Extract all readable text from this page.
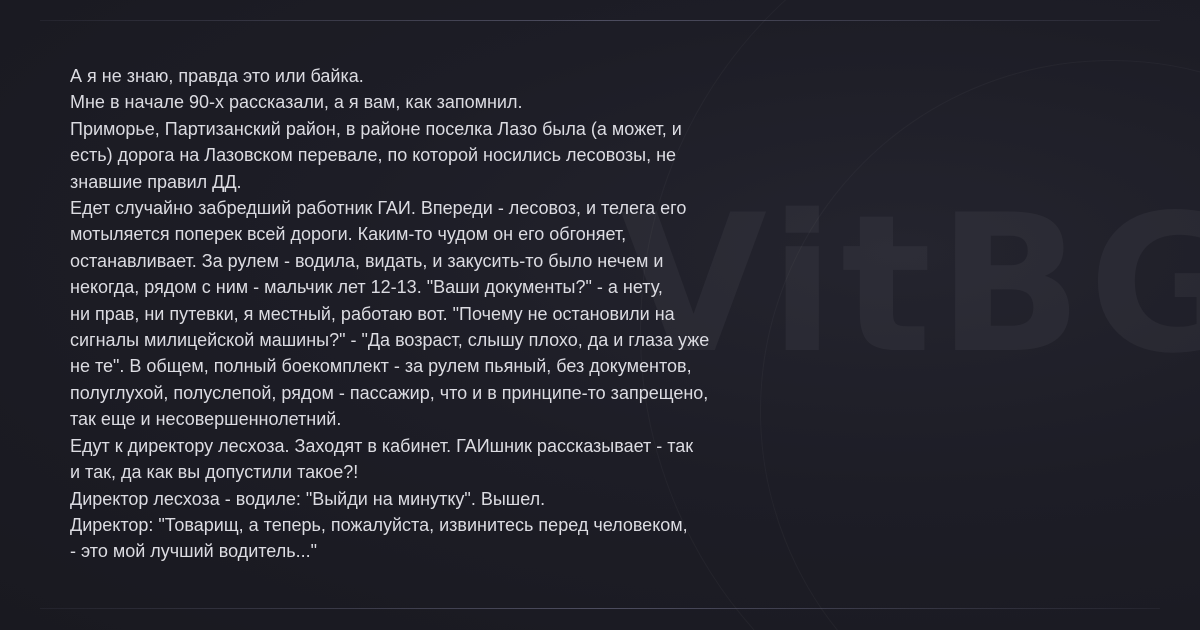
А я не знаю, правда это или байка.
Мне в начале 90-х рассказали, а я вам, как запомнил.
Приморье, Партизанский район, в районе поселка Лазо была (а может, и
есть) дорога на Лазовском перевале, по которой носились лесовозы, не
знавшие правил ДД.
Едет случайно забредший работник ГАИ. Впереди - лесовоз, и телега его
мотыляется поперек всей дороги. Каким-то чудом он его обгоняет,
останавливает. За рулем - водила, видать, и закусить-то было нечем и
некогда, рядом с ним - мальчик лет 12-13. "Ваши документы?" - а нету,
ни прав, ни путевки, я местный, работаю вот. "Почему не остановили на
сигналы милицейской машины?" - "Да возраст, слышу плохо, да и глаза уже
не те". В общем, полный боекомплект - за рулем пьяный, без документов,
полуглухой, полуслепой, рядом - пассажир, что и в принципе-то запрещено,
так еще и несовершеннолетний.
Едут к директору лесхоза. Заходят в кабинет. ГАИшник рассказывает - так
и так, да как вы допустили такое?!
Директор лесхоза - водиле: "Выйди на минутку". Вышел.
Директор: "Товарищ, а теперь, пожалуйста, извинитесь перед человеком,
- это мой лучший водитель..."
